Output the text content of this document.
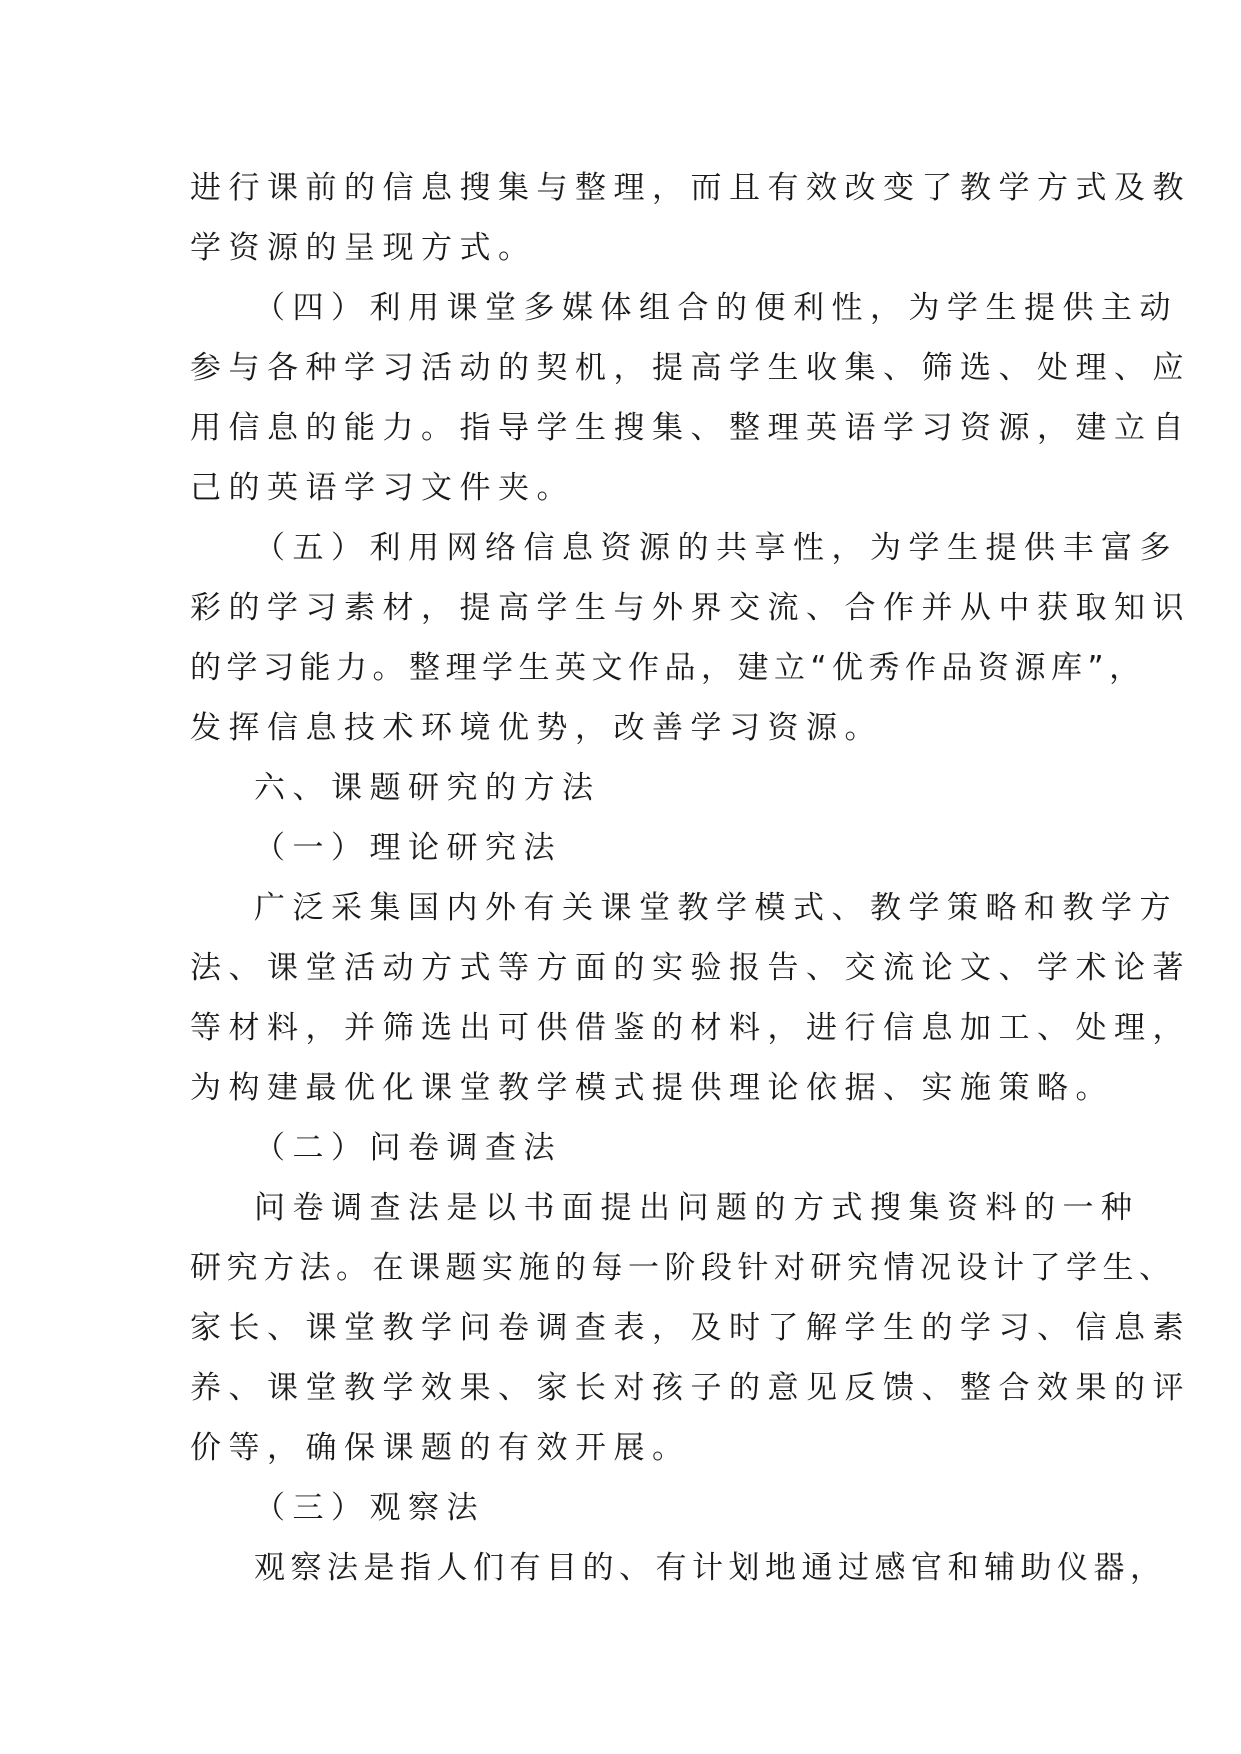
进行课前的信息搜集与整理，而且有效改变了教学方式及教
学资源的呈现方式。
（四）利用课堂多媒体组合的便利性，为学生提供主动
参与各种学习活动的契机，提高学生收集、筛选、处理、应
用信息的能力。指导学生搜集、整理英语学习资源，建立自
己的英语学习文件夹。
（五）利用网络信息资源的共享性，为学生提供丰富多
彩的学习素材，提高学生与外界交流、合作并从中获取知识
的学习能力。整理学生英文作品，建立“优秀作品资源库”，
发挥信息技术环境优势，改善学习资源。
六、课题研究的方法
（一）理论研究法
广泛采集国内外有关课堂教学模式、教学策略和教学方
法、课堂活动方式等方面的实验报告、交流论文、学术论著
等材料，并筛选出可供借鉴的材料，进行信息加工、处理，
为构建最优化课堂教学模式提供理论依据、实施策略。
（二）问卷调查法
问卷调查法是以书面提出问题的方式搜集资料的一种
研究方法。在课题实施的每一阶段针对研究情况设计了学生、
家长、课堂教学问卷调查表，及时了解学生的学习、信息素
养、课堂教学效果、家长对孩子的意见反馈、整合效果的评
价等，确保课题的有效开展。
（三）观察法
观察法是指人们有目的、有计划地通过感官和辅助仪器，
